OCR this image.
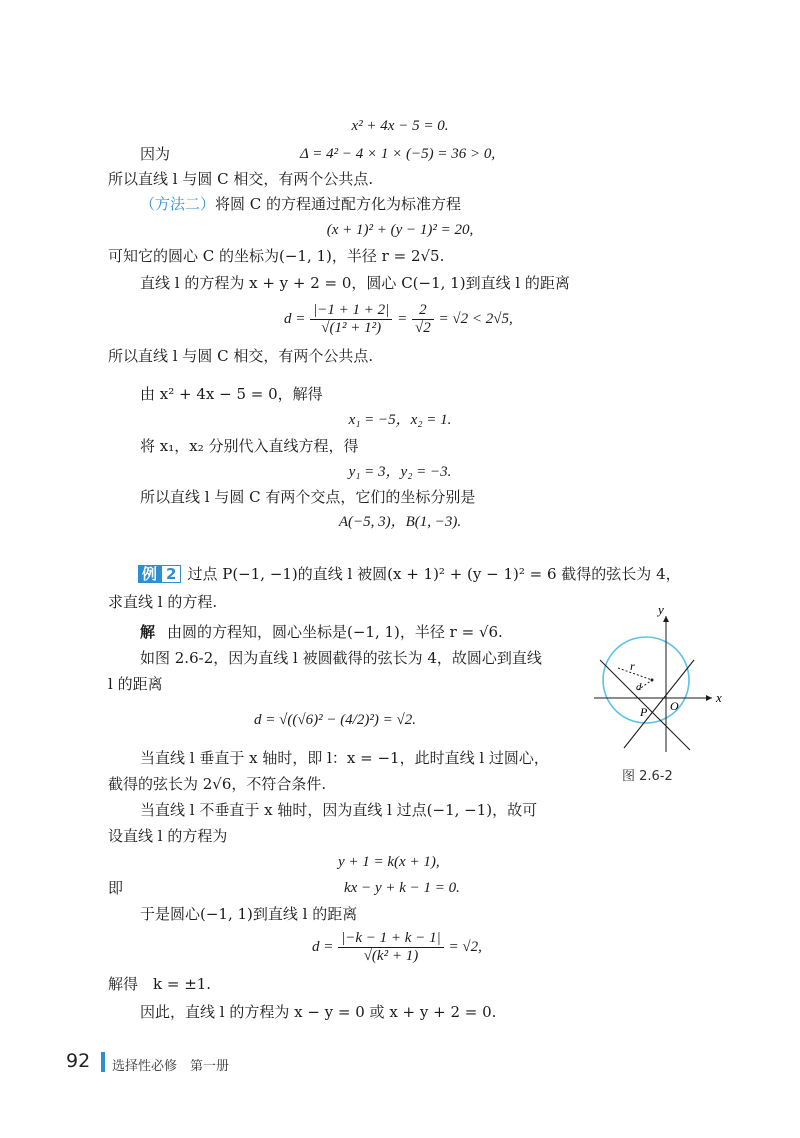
x² + 4x − 5 = 0.
因为	Δ = 4² − 4 × 1 × (−5) = 36 > 0,
所以直线 l 与圆 C 相交，有两个公共点.
（方法二）将圆 C 的方程通过配方化为标准方程
(x + 1)² + (y − 1)² = 20,
可知它的圆心 C 的坐标为(−1, 1)，半径 r = 2√5.
直线 l 的方程为 x + y + 2 = 0，圆心 C(−1, 1)到直线 l 的距离
$d = \frac{|-1 + 1 + 2|}{\text{√(1² + 1²)}} = \frac{2}{√2} = √2 < 2√5$,
所以直线 l 与圆 C 相交，有两个公共点.
由 x² + 4x − 5 = 0，解得
x₁ = −5，x₂ = 1.
将 x₁，x₂ 分别代入直线方程，得
y₁ = 3，y₂ = −3.
所以直线 l 与圆 C 有两个交点，它们的坐标分别是
A(−5, 3)，B(1, −3).
例 2 过点 P(−1, −1)的直线 l 被圆(x + 1)² + (y − 1)² = 6 截得的弦长为 4，
求直线 l 的方程.
解 由圆的方程知，圆心坐标是(−1, 1)，半径 r = √6.
如图 2.6-2，因为直线 l 被圆截得的弦长为 4，故圆心到直线
l 的距离
d = √((√6)² − (4/2)²) = √2.
当直线 l 垂直于 x 轴时，即 l：x = −1，此时直线 l 过圆心，
截得的弦长为 2√6，不符合条件.
当直线 l 不垂直于 x 轴时，因为直线 l 过点(−1, −1)，故可
设直线 l 的方程为
y + 1 = k(x + 1),
即	kx − y + k − 1 = 0.
于是圆心(−1, 1)到直线 l 的距离
$d = \frac{|-k - 1 + k - 1|}{\text{√(k² + 1)}} = √2$,
解得　k = ±1.
因此，直线 l 的方程为 x − y = 0 或 x + y + 2 = 0.
y
x
O
P
r
d
图 2.6-2
92 选择性必修　第一册
